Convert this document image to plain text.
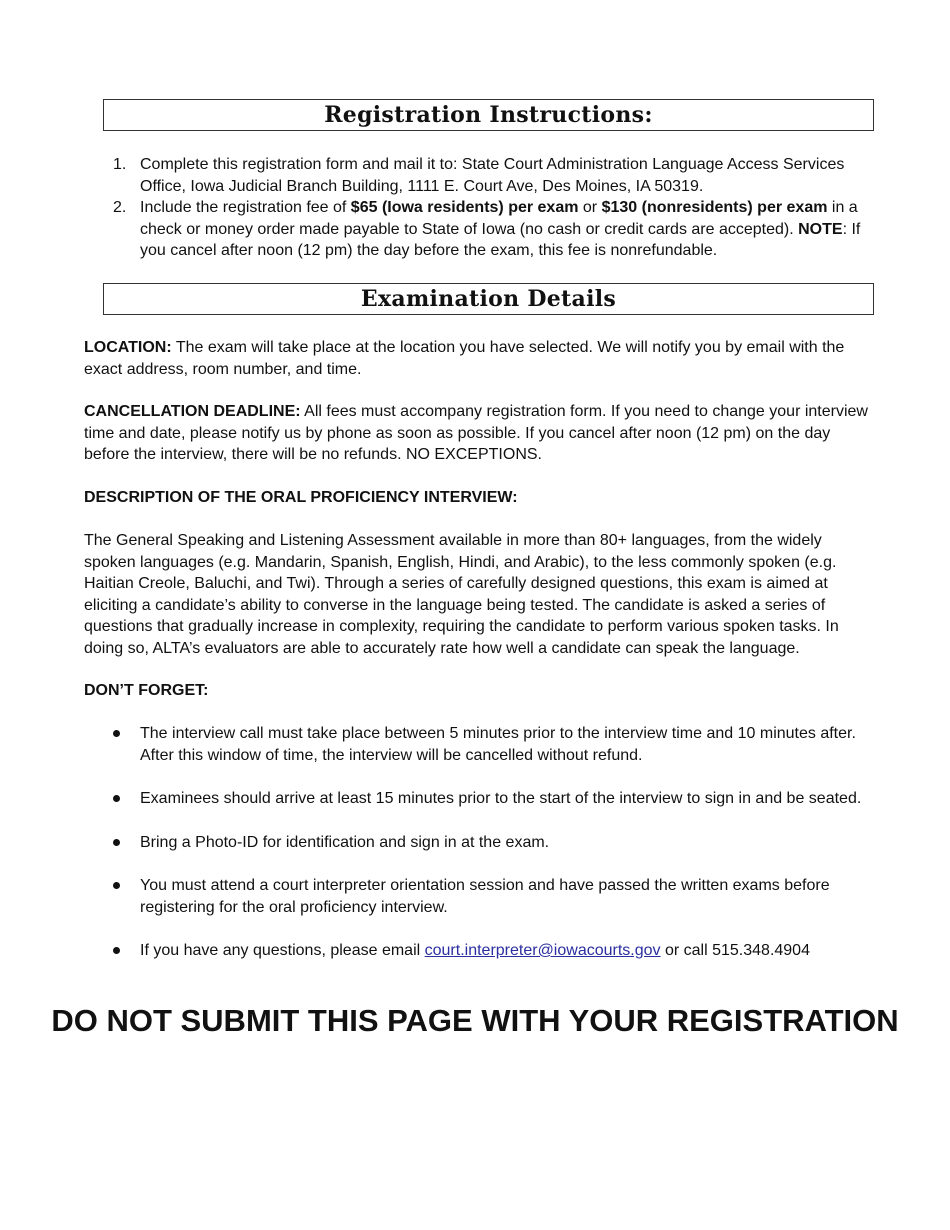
Registration Instructions:
1. Complete this registration form and mail it to: State Court Administration Language Access Services Office, Iowa Judicial Branch Building, 1111 E. Court Ave, Des Moines, IA 50319.
2. Include the registration fee of $65 (Iowa residents) per exam or $130 (nonresidents) per exam in a check or money order made payable to State of Iowa (no cash or credit cards are accepted). NOTE: If you cancel after noon (12 pm) the day before the exam, this fee is nonrefundable.
Examination Details
LOCATION: The exam will take place at the location you have selected. We will notify you by email with the exact address, room number, and time.
CANCELLATION DEADLINE: All fees must accompany registration form. If you need to change your interview time and date, please notify us by phone as soon as possible. If you cancel after noon (12 pm) on the day before the interview, there will be no refunds. NO EXCEPTIONS.
DESCRIPTION OF THE ORAL PROFICIENCY INTERVIEW:
The General Speaking and Listening Assessment available in more than 80+ languages, from the widely spoken languages (e.g. Mandarin, Spanish, English, Hindi, and Arabic), to the less commonly spoken (e.g. Haitian Creole, Baluchi, and Twi). Through a series of carefully designed questions, this exam is aimed at eliciting a candidate’s ability to converse in the language being tested. The candidate is asked a series of questions that gradually increase in complexity, requiring the candidate to perform various spoken tasks. In doing so, ALTA’s evaluators are able to accurately rate how well a candidate can speak the language.
DON’T FORGET:
The interview call must take place between 5 minutes prior to the interview time and 10 minutes after. After this window of time, the interview will be cancelled without refund.
Examinees should arrive at least 15 minutes prior to the start of the interview to sign in and be seated.
Bring a Photo-ID for identification and sign in at the exam.
You must attend a court interpreter orientation session and have passed the written exams before registering for the oral proficiency interview.
If you have any questions, please email court.interpreter@iowacourts.gov or call 515.348.4904
DO NOT SUBMIT THIS PAGE WITH YOUR REGISTRATION
